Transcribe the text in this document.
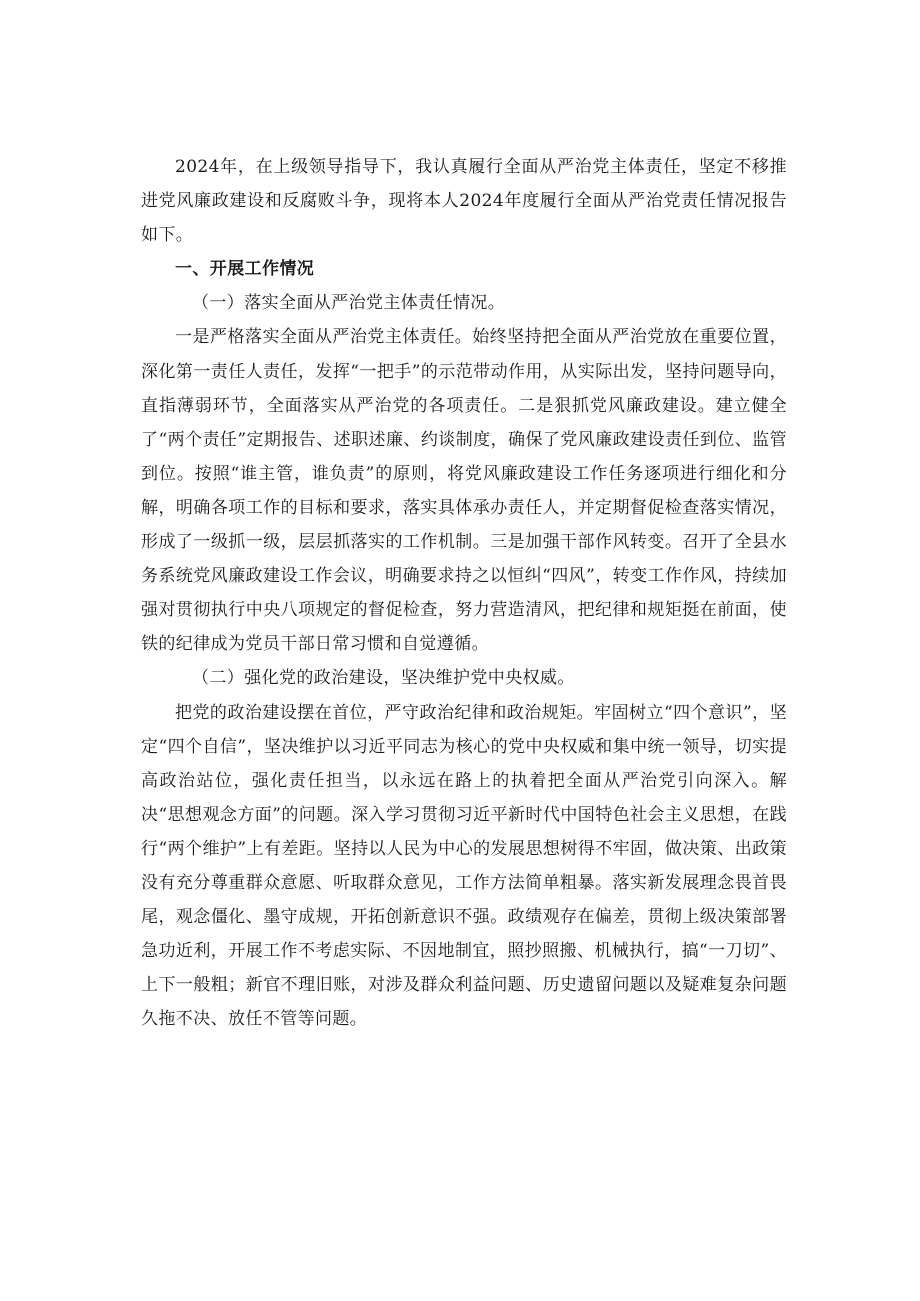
2024年，在上级领导指导下，我认真履行全面从严治党主体责任，坚定不移推进党风廉政建设和反腐败斗争，现将本人2024年度履行全面从严治党责任情况报告如下。

一、开展工作情况

（一）落实全面从严治党主体责任情况。

一是严格落实全面从严治党主体责任。始终坚持把全面从严治党放在重要位置，深化第一责任人责任，发挥“一把手”的示范带动作用，从实际出发，坚持问题导向，直指薄弱环节，全面落实从严治党的各项责任。二是狠抓党风廉政建设。建立健全了“两个责任”定期报告、述职述廉、约谈制度，确保了党风廉政建设责任到位、监管到位。按照“谁主管，谁负责”的原则，将党风廉政建设工作任务逐项进行细化和分解，明确各项工作的目标和要求，落实具体承办责任人，并定期督促检查落实情况，形成了一级抓一级，层层抓落实的工作机制。三是加强干部作风转变。召开了全县水务系统党风廉政建设工作会议，明确要求持之以恒纠“四风”，转变工作作风，持续加强对贯彻执行中央八项规定的督促检查，努力营造清风，把纪律和规矩挺在前面，使铁的纪律成为党员干部日常习惯和自觉遵循。

（二）强化党的政治建设，坚决维护党中央权威。

把党的政治建设摆在首位，严守政治纪律和政治规矩。牢固树立“四个意识”，坚定“四个自信”，坚决维护以习近平同志为核心的党中央权威和集中统一领导，切实提高政治站位，强化责任担当，以永远在路上的执着把全面从严治党引向深入。解决“思想观念方面”的问题。深入学习贯彻习近平新时代中国特色社会主义思想，在践行“两个维护”上有差距。坚持以人民为中心的发展思想树得不牢固，做决策、出政策没有充分尊重群众意愿、听取群众意见，工作方法简单粗暴。落实新发展理念畏首畏尾，观念僵化、墨守成规，开拓创新意识不强。政绩观存在偏差，贯彻上级决策部署急功近利，开展工作不考虑实际、不因地制宜，照抄照搬、机械执行，搞“一刀切”、上下一般粗；新官不理旧账，对涉及群众利益问题、历史遗留问题以及疑难复杂问题久拖不决、放任不管等问题。
